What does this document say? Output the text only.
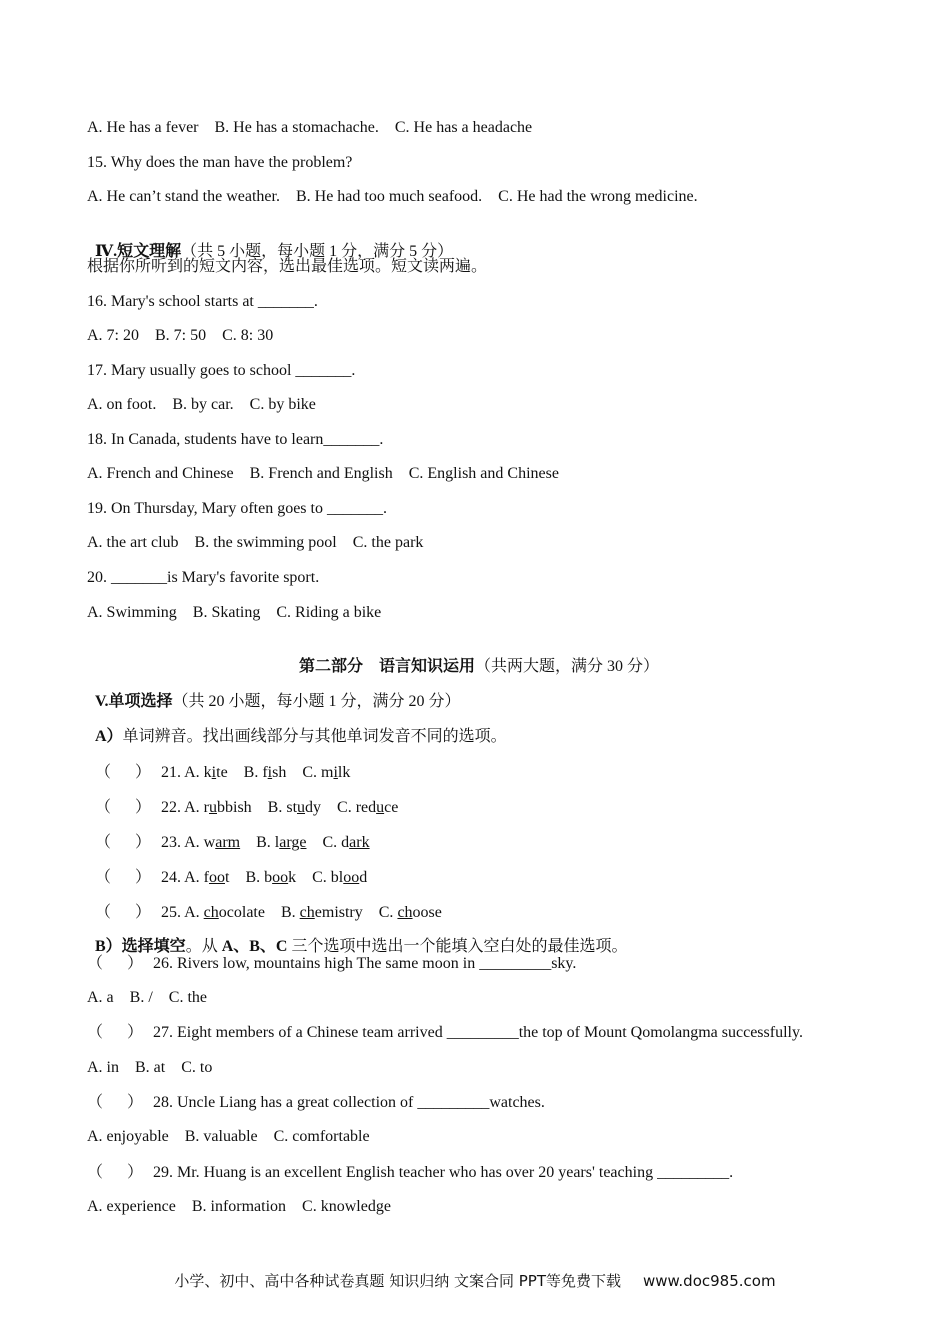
A. He has a fever    B. He has a stomachache.    C. He has a headache
15. Why does the man have the problem?
A. He can’t stand the weather.    B. He had too much seafood.    C. He had the wrong medicine.

Ⅳ.短文理解（共 5 小题，每小题 1 分，满分 5 分）

根据你所听到的短文内容，选出最佳选项。短文读两遍。
16. Mary's school starts at _______.
A. 7: 20    B. 7: 50    C. 8: 30
17. Mary usually goes to school _______.
A. on foot.    B. by car.    C. by bike
18. In Canada, students have to learn_______.
A. French and Chinese    B. French and English    C. English and Chinese
19. On Thursday, Mary often goes to _______.
A. the art club    B. the swimming pool    C. the park
20. _______is Mary's favorite sport.
A. Swimming    B. Skating    C. Riding a bike

第二部分    语言知识运用（共两大题，满分 30 分）

V.单项选择（共 20 小题，每小题 1 分，满分 20 分）

A）单词辨音。找出画线部分与其他单词发音不同的选项。

（      ） 21. A. kite    B. fish    C. milk

（      ） 22. A. rubbish    B. study    C. reduce

（      ） 23. A. warm    B. large    C. dark

（      ） 24. A. foot    B. book    C. blood

（      ） 25. A. chocolate    B. chemistry    C. choose

B）选择填空。从 A、B、C 三个选项中选出一个能填入空白处的最佳选项。

（      ） 26. Rivers low, mountains high The same moon in _________sky.
A. a    B. /    C. the
（      ） 27. Eight members of a Chinese team arrived _________the top of Mount Qomolangma successfully.
A. in    B. at    C. to
（      ） 28. Uncle Liang has a great collection of _________watches.
A. enjoyable    B. valuable    C. comfortable
（      ） 29. Mr. Huang is an excellent English teacher who has over 20 years' teaching _________.
A. experience    B. information    C. knowledge
小学、初中、高中各种试卷真题 知识归纳 文案合同 PPT等免费下载 www.doc985.com
